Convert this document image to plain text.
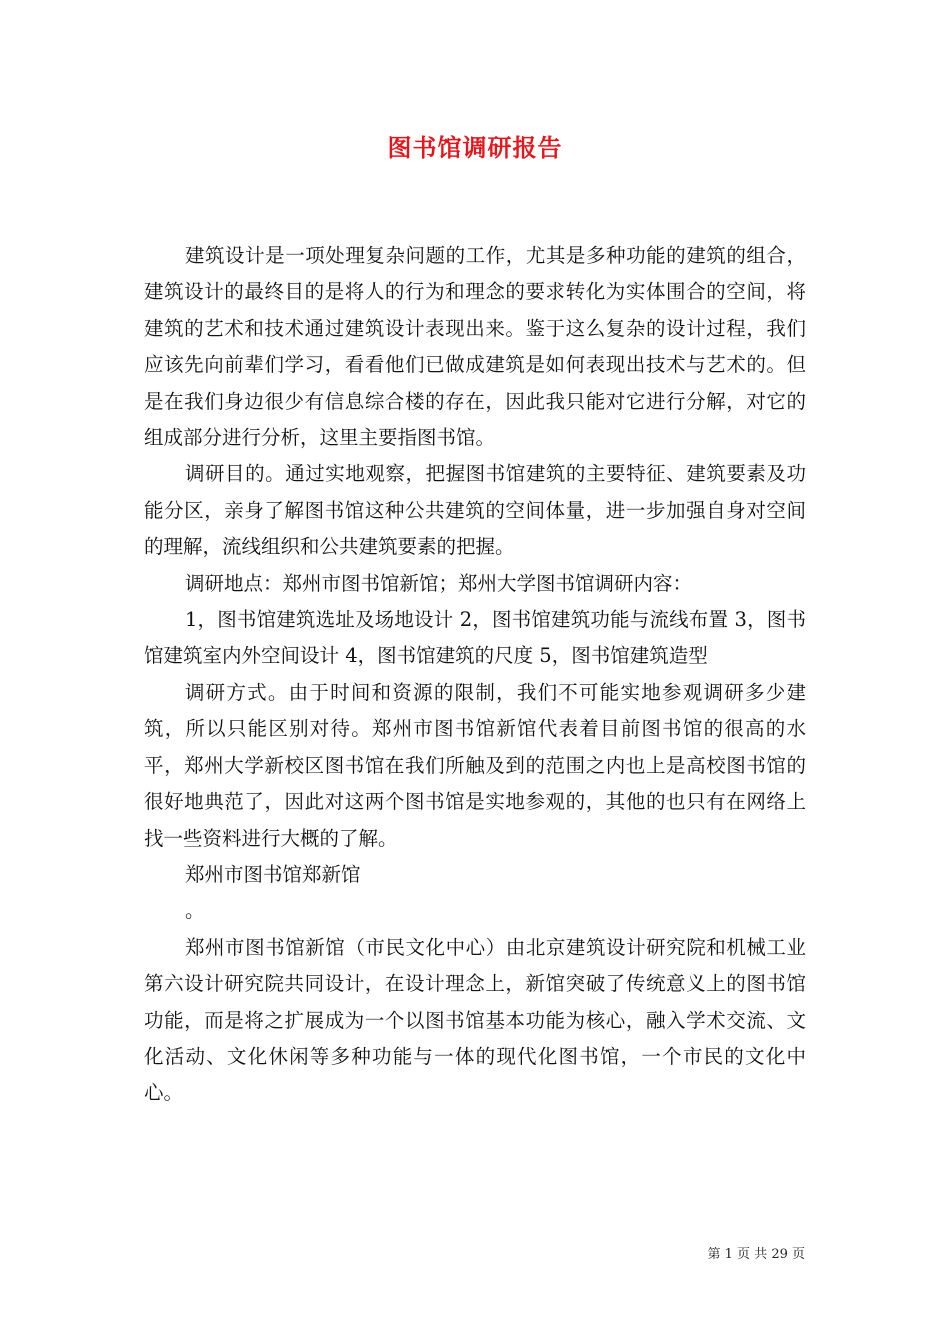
图书馆调研报告

建筑设计是一项处理复杂问题的工作，尤其是多种功能的建筑的组合，建筑设计的最终目的是将人的行为和理念的要求转化为实体围合的空间，将建筑的艺术和技术通过建筑设计表现出来。鉴于这么复杂的设计过程，我们应该先向前辈们学习，看看他们已做成建筑是如何表现出技术与艺术的。但是在我们身边很少有信息综合楼的存在，因此我只能对它进行分解，对它的组成部分进行分析，这里主要指图书馆。

调研目的。通过实地观察，把握图书馆建筑的主要特征、建筑要素及功能分区，亲身了解图书馆这种公共建筑的空间体量，进一步加强自身对空间的理解，流线组织和公共建筑要素的把握。

调研地点：郑州市图书馆新馆；郑州大学图书馆调研内容：

1，图书馆建筑选址及场地设计 2，图书馆建筑功能与流线布置 3，图书馆建筑室内外空间设计 4，图书馆建筑的尺度 5，图书馆建筑造型

调研方式。由于时间和资源的限制，我们不可能实地参观调研多少建筑，所以只能区别对待。郑州市图书馆新馆代表着目前图书馆的很高的水平，郑州大学新校区图书馆在我们所触及到的范围之内也上是高校图书馆的很好地典范了，因此对这两个图书馆是实地参观的，其他的也只有在网络上找一些资料进行大概的了解。

郑州市图书馆郑新馆

。

郑州市图书馆新馆（市民文化中心）由北京建筑设计研究院和机械工业第六设计研究院共同设计，在设计理念上，新馆突破了传统意义上的图书馆功能，而是将之扩展成为一个以图书馆基本功能为核心，融入学术交流、文化活动、文化休闲等多种功能与一体的现代化图书馆，一个市民的文化中心。

第 1 页 共 29 页
